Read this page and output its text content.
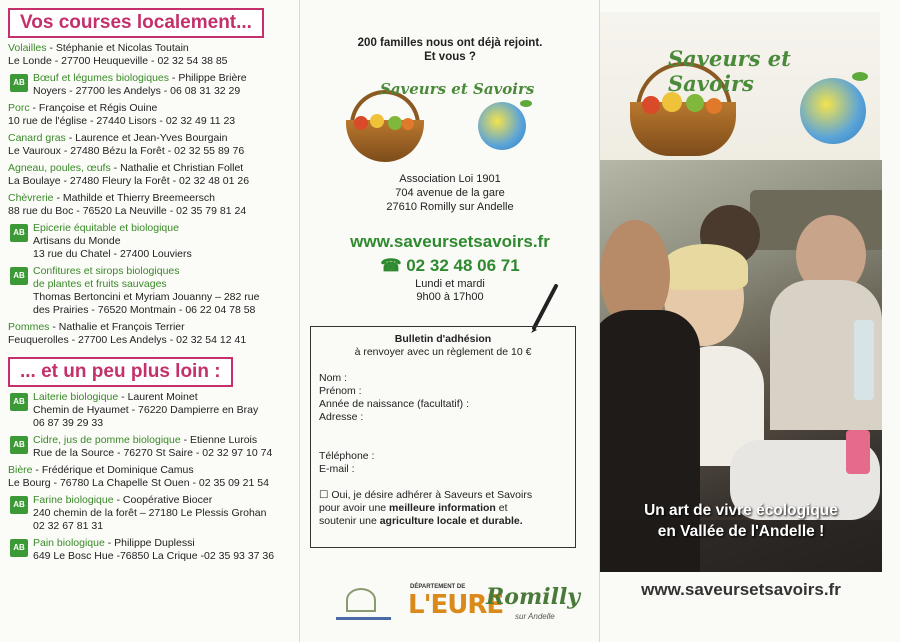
Vos courses localement...
Volailles - Stéphanie et Nicolas Toutain
Le Londe - 27700 Heuqueville - 02 32 54 38 85
AB Bœuf et légumes biologiques - Philippe Brière
Noyers - 27700 les Andelys - 06 08 31 32 29
Porc - Françoise et Régis Ouine
10 rue de l'église - 27440 Lisors - 02 32 49 11 23
Canard gras - Laurence et Jean-Yves Bourgain
Le Vauroux - 27480 Bézu la Forêt - 02 32 55 89 76
Agneau, poules, œufs - Nathalie et Christian Follet
La Boulaye - 27480 Fleury la Forêt - 02 32 48 01 26
Chèvrerie - Mathilde et Thierry Breemeersch
88 rue du Boc - 76520 La Neuville - 02 35 79 81 24
AB Epicerie équitable et biologique
Artisans du Monde
13 rue du Chatel - 27400 Louviers
AB Confitures et sirops biologiques
de plantes et fruits sauvages
Thomas Bertoncini et Myriam Jouanny – 282 rue
des Prairies - 76520 Montmain - 06 22 04 78 58
Pommes - Nathalie et François Terrier
Feuquerolles - 27700 Les Andelys - 02 32 54 12 41
... et un peu plus loin :
AB Laiterie biologique - Laurent Moinet
Chemin de Hyaumet - 76220 Dampierre en Bray
06 87 39 29 33
AB Cidre, jus de pomme biologique - Etienne Lurois
Rue de la Source - 76270 St Saire - 02 32 97 10 74
Bière - Frédérique et Dominique Camus
Le Bourg - 76780 La Chapelle St Ouen - 02 35 09 21 54
AB Farine biologique - Coopérative Biocer
240 chemin de la forêt – 27180 Le Plessis Grohan
02 32 67 81 31
AB Pain biologique - Philippe Duplessi
649 Le Bosc Hue -76850 La Crique -02 35 93 37 36
200 familles nous ont déjà rejoint.
Et vous ?
Saveurs et Savoirs
Association Loi 1901
704 avenue de la gare
27610 Romilly sur Andelle
www.saveursetsavoirs.fr
☎ 02 32 48 06 71
Lundi et mardi
9h00 à 17h00
DÉPARTEMENT DE
L'EURE
Romilly
sur Andelle
Bulletin d'adhésion
à renvoyer avec un règlement de 10 €
Nom :
Prénom :
Année de naissance (facultatif) :
Adresse :
Téléphone :
E-mail :
☐ Oui, je désire adhérer à Saveurs et Savoirs
pour avoir une meilleure information et
soutenir une agriculture locale et durable.
Saveurs et Savoirs
Un art de vivre écologique
en Vallée de l'Andelle !
www.saveursetsavoirs.fr
